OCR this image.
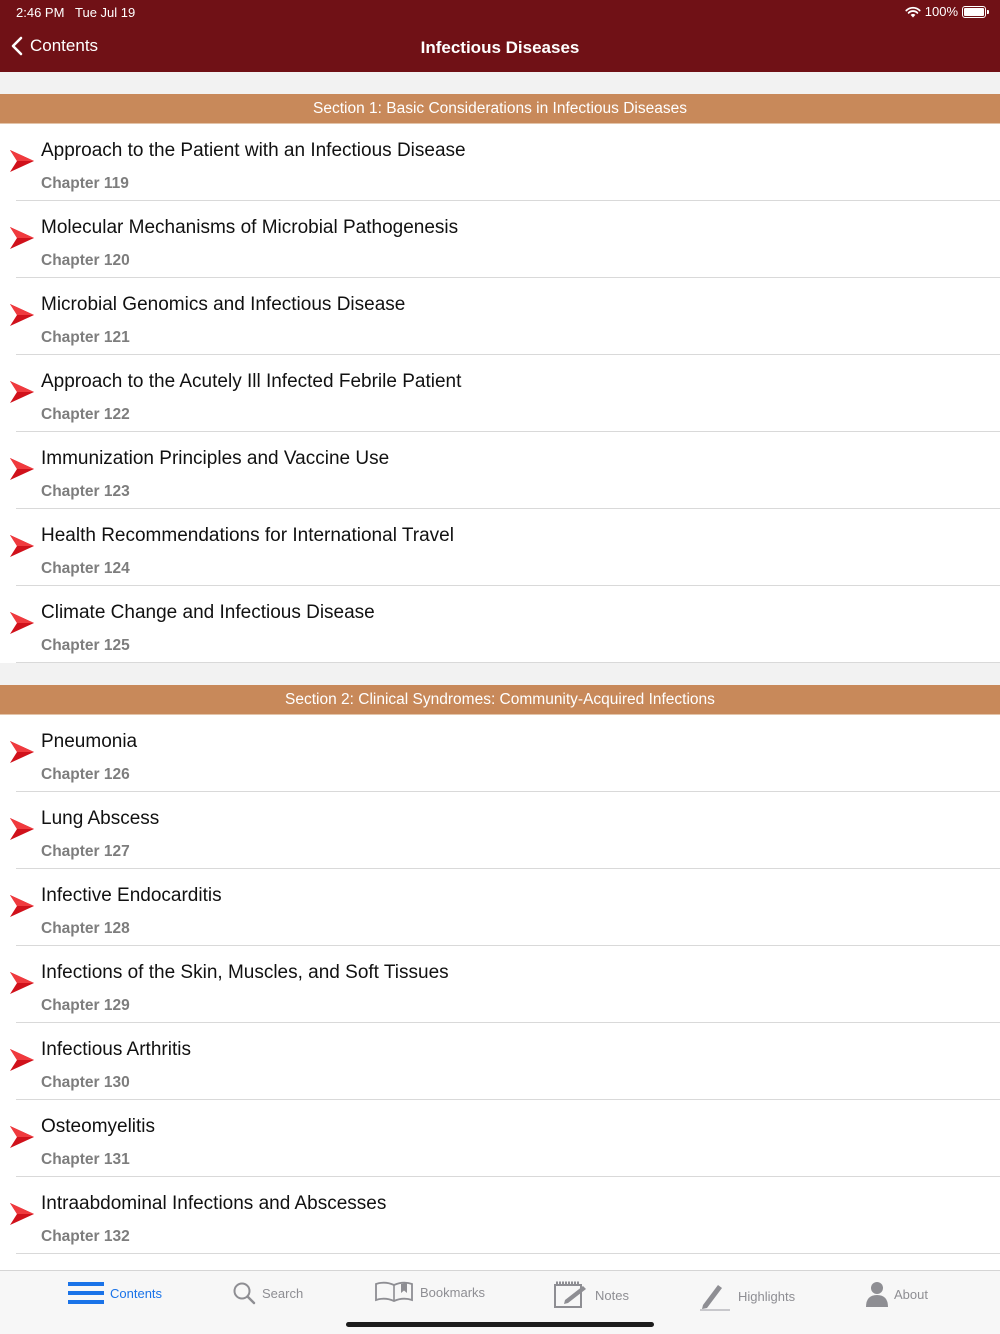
2:46 PM Tue Jul 19	100%
Contents	Infectious Diseases
Section 1: Basic Considerations in Infectious Diseases
Approach to the Patient with an Infectious Disease
Chapter 119
Molecular Mechanisms of Microbial Pathogenesis
Chapter 120
Microbial Genomics and Infectious Disease
Chapter 121
Approach to the Acutely Ill Infected Febrile Patient
Chapter 122
Immunization Principles and Vaccine Use
Chapter 123
Health Recommendations for International Travel
Chapter 124
Climate Change and Infectious Disease
Chapter 125
Section 2: Clinical Syndromes: Community-Acquired Infections
Pneumonia
Chapter 126
Lung Abscess
Chapter 127
Infective Endocarditis
Chapter 128
Infections of the Skin, Muscles, and Soft Tissues
Chapter 129
Infectious Arthritis
Chapter 130
Osteomyelitis
Chapter 131
Intraabdominal Infections and Abscesses
Chapter 132
Contents	Search	Bookmarks	Notes	Highlights	About
